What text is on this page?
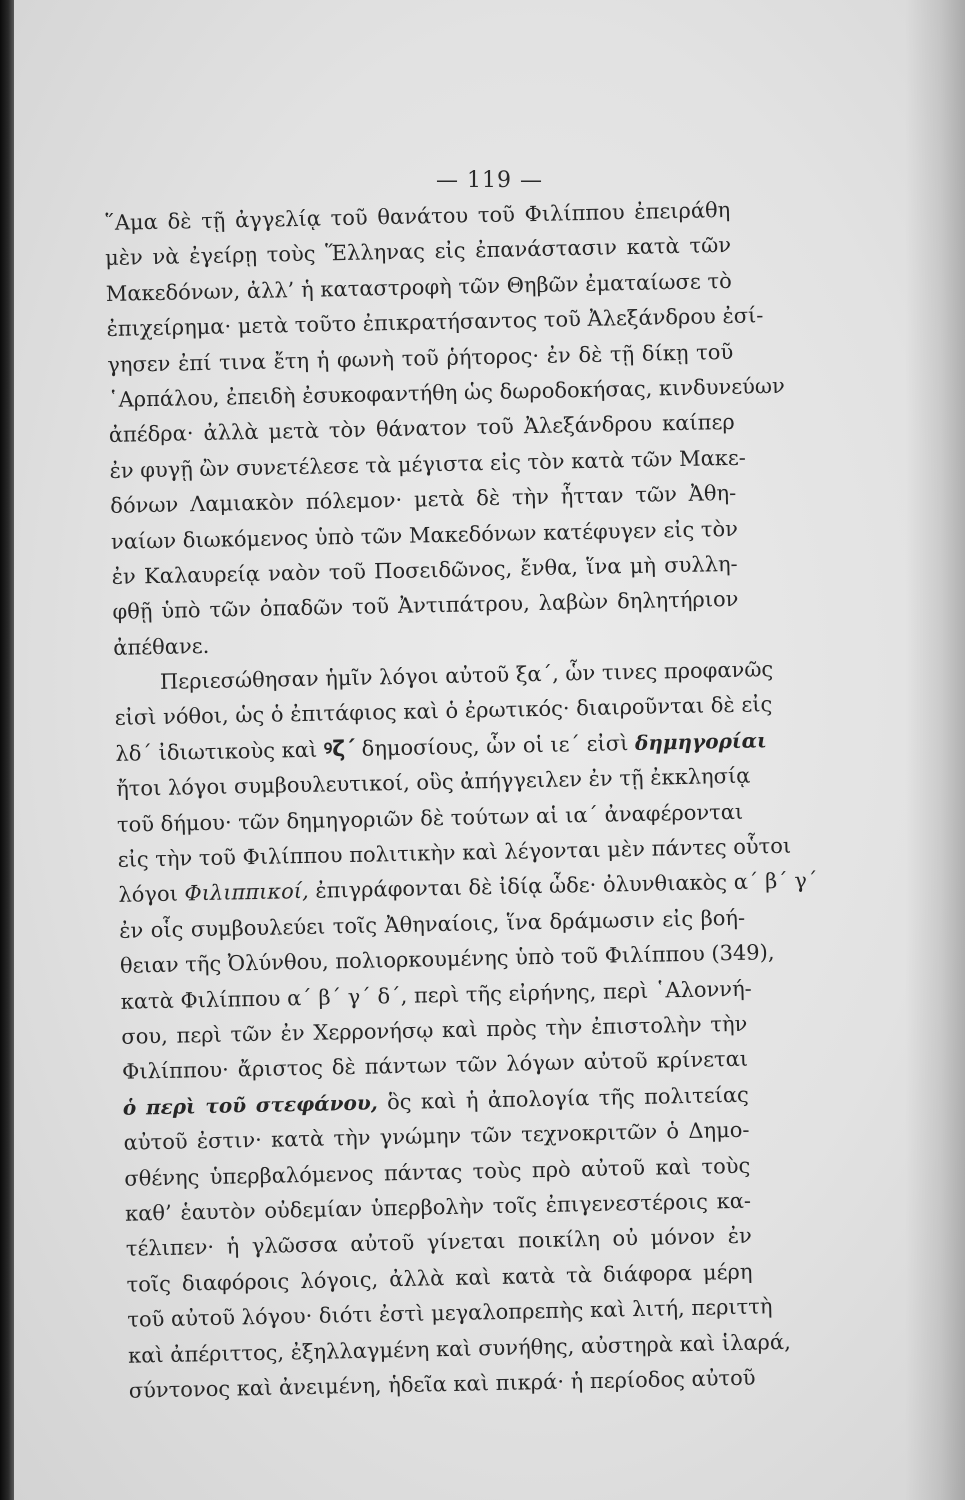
— 119 —
῞Αμα δὲ τῇ ἀγγελίᾳ τοῦ θανάτου τοῦ Φιλίππου ἐπειράθη
μὲν νὰ ἐγείρῃ τοὺς Ἕλληνας εἰς ἐπανάστασιν κατὰ τῶν
Μακεδόνων, ἀλλ’ ἡ καταστροφὴ τῶν Θηβῶν ἐματαίωσε τὸ
ἐπιχείρημα· μετὰ τοῦτο ἐπικρατήσαντος τοῦ Ἀλεξάνδρου ἐσί-
γησεν ἐπί τινα ἔτη ἡ φωνὴ τοῦ ῥήτορος· ἐν δὲ τῇ δίκῃ τοῦ
῾Αρπάλου, ἐπειδὴ ἐσυκοφαντήθη ὡς δωροδοκήσας, κινδυνεύων
ἀπέδρα· ἀλλὰ μετὰ τὸν θάνατον τοῦ Ἀλεξάνδρου καίπερ
ἐν φυγῇ ὢν συνετέλεσε τὰ μέγιστα εἰς τὸν κατὰ τῶν Μακε-
δόνων Λαμιακὸν πόλεμον· μετὰ δὲ τὴν ἧτταν τῶν Ἀθη-
ναίων διωκόμενος ὑπὸ τῶν Μακεδόνων κατέφυγεν εἰς τὸν
ἐν Καλαυρείᾳ ναὸν τοῦ Ποσειδῶνος, ἔνθα, ἵνα μὴ συλλη-
φθῇ ὑπὸ τῶν ὀπαδῶν τοῦ Ἀντιπάτρου, λαβὼν δηλητήριον
ἀπέθανε.
Περιεσώθησαν ἡμῖν λόγοι αὐτοῦ ξα΄, ὧν τινες προφανῶς
εἰσὶ νόθοι, ὡς ὁ ἐπιτάφιος καὶ ὁ ἐρωτικός· διαιροῦνται δὲ εἰς
λδ΄ ἰδιωτικοὺς καὶ ꝰζ΄ δημοσίους, ὧν οἱ ιε΄ εἰσὶ δημηγορίαι
ἤτοι λόγοι συμβουλευτικοί, οὓς ἀπήγγειλεν ἐν τῇ ἐκκλησίᾳ
τοῦ δήμου· τῶν δημηγοριῶν δὲ τούτων αἱ ια΄ ἀναφέρονται
εἰς τὴν τοῦ Φιλίππου πολιτικὴν καὶ λέγονται μὲν πάντες οὗτοι
λόγοι Φιλιππικοί, ἐπιγράφονται δὲ ἰδίᾳ ὧδε· ὀλυνθιακὸς α΄ β΄ γ΄
ἐν οἷς συμβουλεύει τοῖς Ἀθηναίοις, ἵνα δράμωσιν εἰς βοή-
θειαν τῆς Ὀλύνθου, πολιορκουμένης ὑπὸ τοῦ Φιλίππου (349),
κατὰ Φιλίππου α΄ β΄ γ΄ δ΄, περὶ τῆς εἰρήνης, περὶ ῾Αλοννή-
σου, περὶ τῶν ἐν Χερρονήσῳ καὶ πρὸς τὴν ἐπιστολὴν τὴν
Φιλίππου· ἄριστος δὲ πάντων τῶν λόγων αὐτοῦ κρίνεται
ὁ περὶ τοῦ στεφάνου, ὃς καὶ ἡ ἀπολογία τῆς πολιτείας
αὐτοῦ ἐστιν· κατὰ τὴν γνώμην τῶν τεχνοκριτῶν ὁ Δημο-
σθένης ὑπερβαλόμενος πάντας τοὺς πρὸ αὐτοῦ καὶ τοὺς
καθ’ ἑαυτὸν οὐδεμίαν ὑπερβολὴν τοῖς ἐπιγενεστέροις κα-
τέλιπεν· ἡ γλῶσσα αὐτοῦ γίνεται ποικίλη οὐ μόνον ἐν
τοῖς διαφόροις λόγοις, ἀλλὰ καὶ κατὰ τὰ διάφορα μέρη
τοῦ αὐτοῦ λόγου· διότι ἐστὶ μεγαλοπρεπὴς καὶ λιτή, περιττὴ
καὶ ἀπέριττος, ἐξηλλαγμένη καὶ συνήθης, αὐστηρὰ καὶ ἱλαρά,
σύντονος καὶ ἀνειμένη, ἡδεῖα καὶ πικρά· ἡ περίοδος αὐτοῦ
